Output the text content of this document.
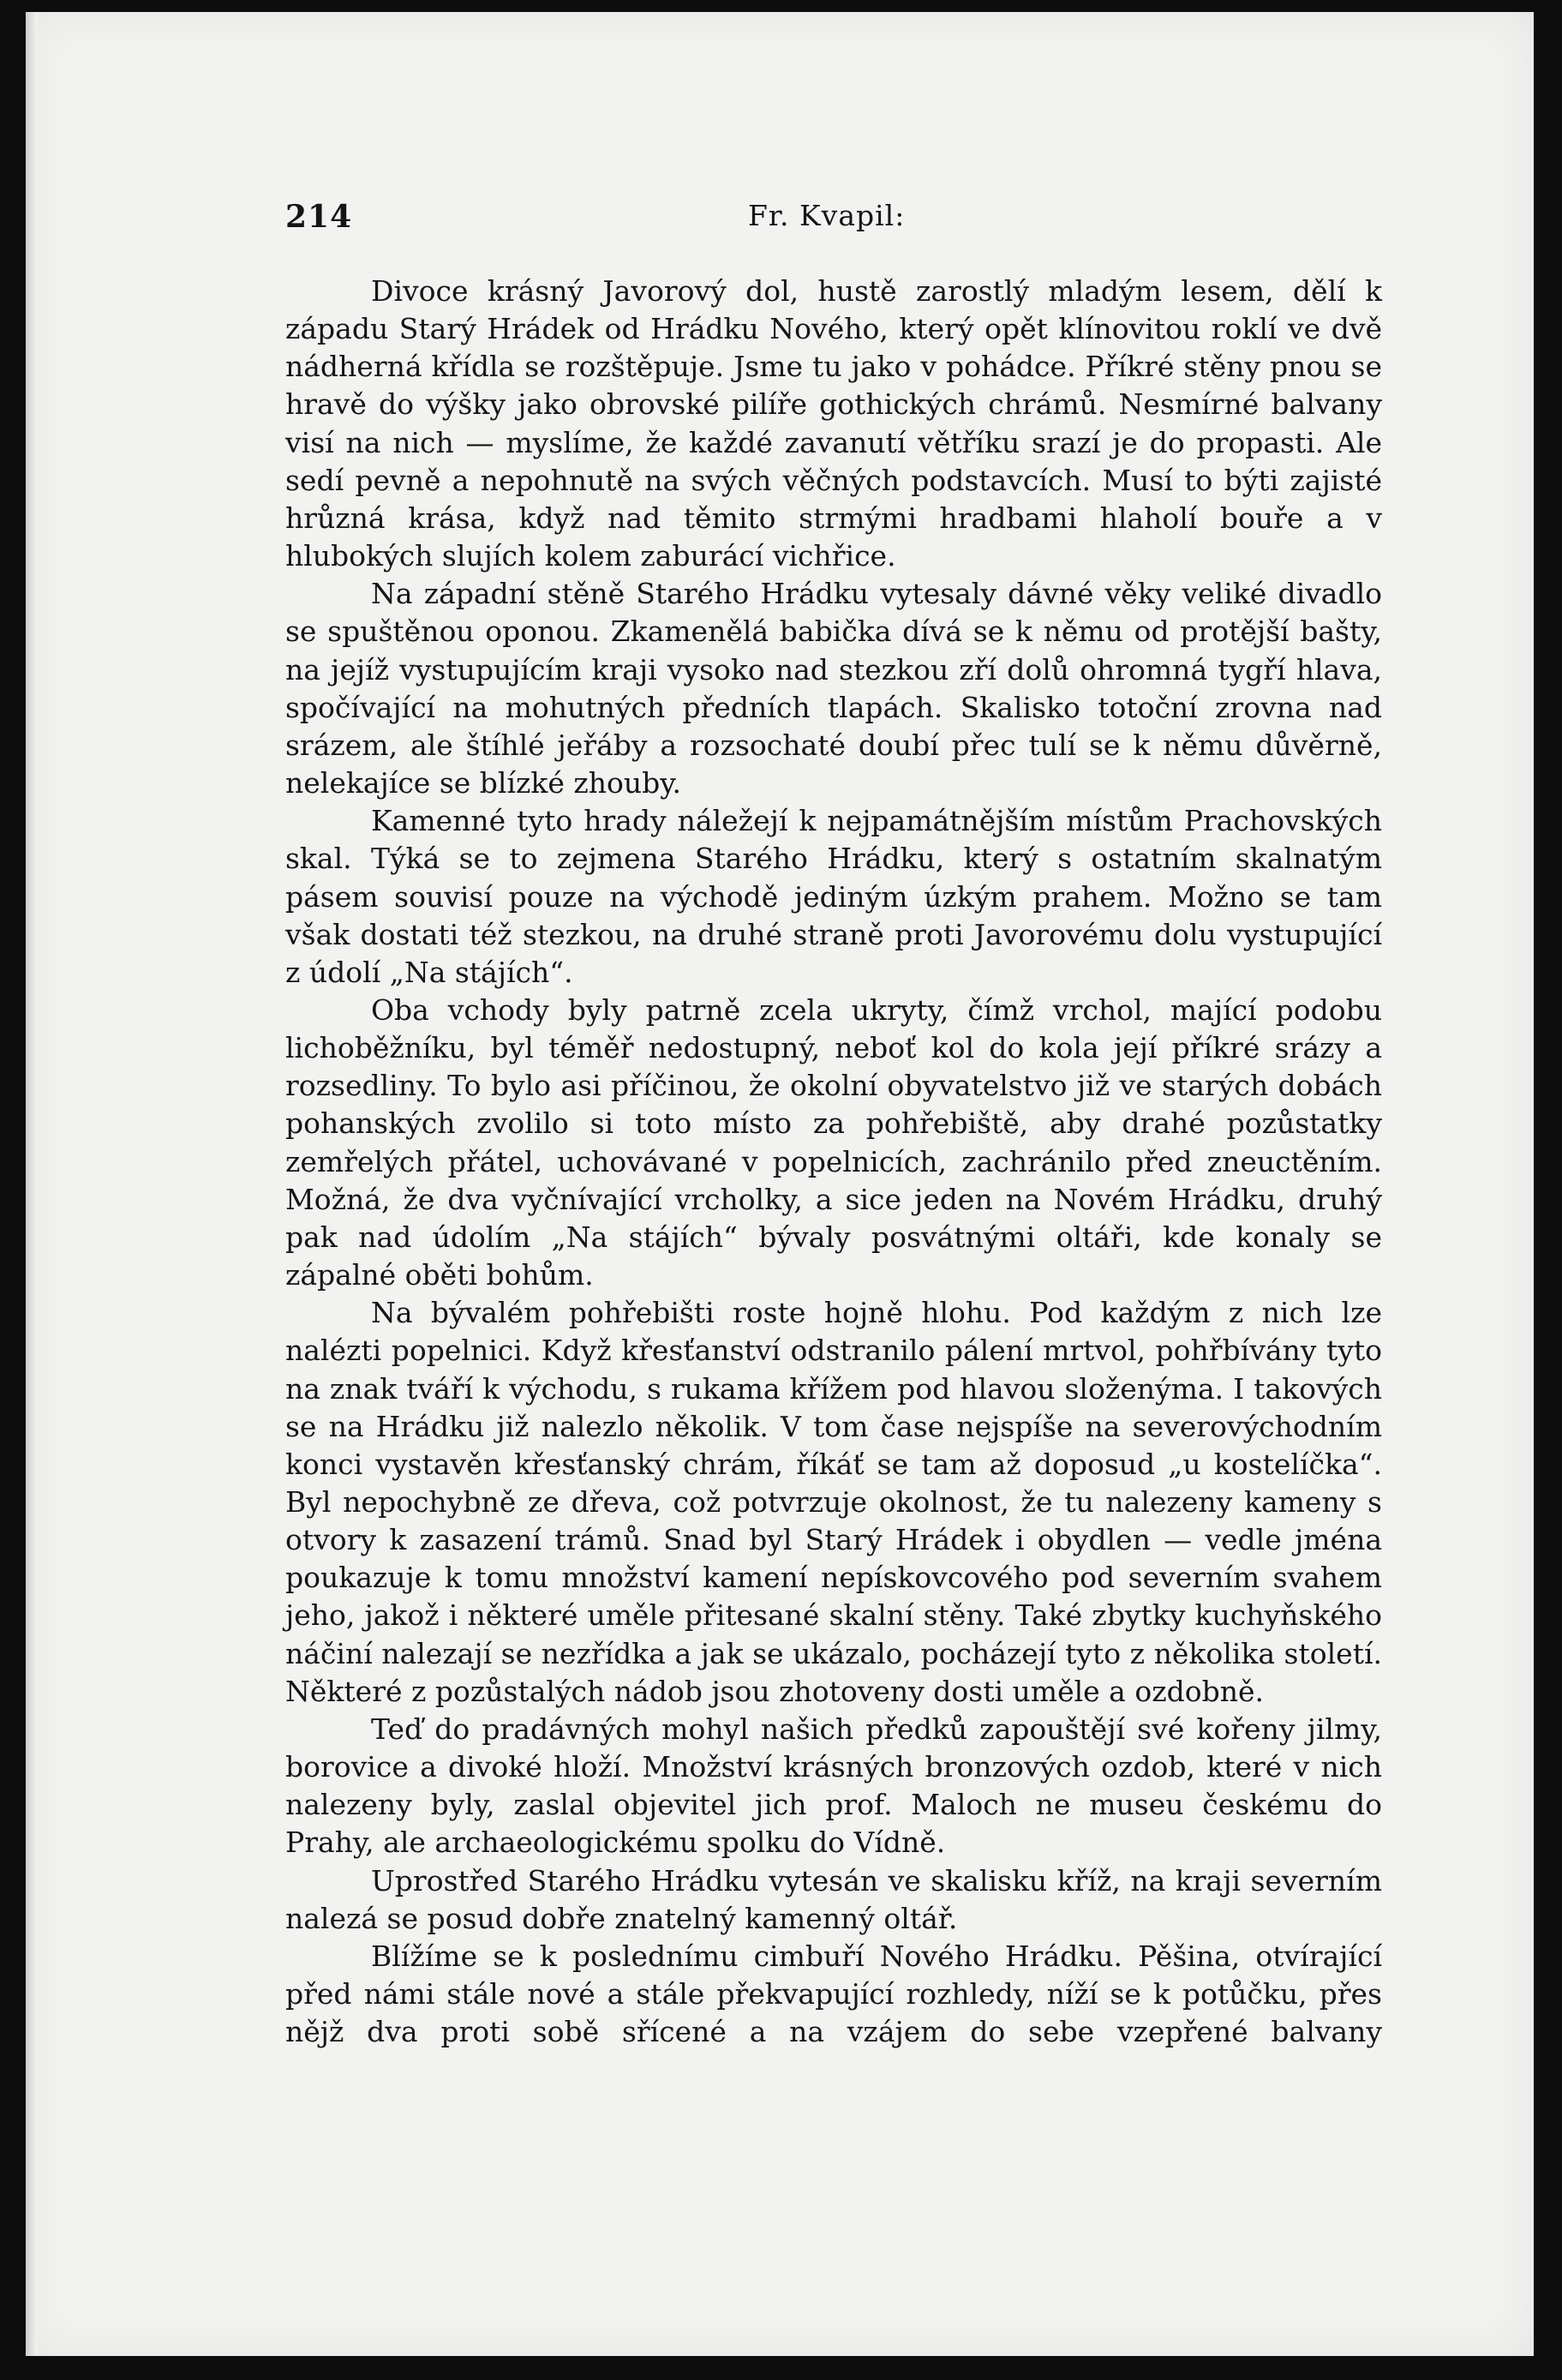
214	Fr. Kvapil:

Divoce krásný Javorový dol, hustě zarostlý mladým lesem, dělí k západu Starý Hrádek od Hrádku Nového, který opět klínovitou roklí ve dvě nádherná křídla se rozštěpuje. Jsme tu jako v pohádce. Příkré stěny pnou se hravě do výšky jako obrovské pilíře gothických chrámů. Nesmírné balvany visí na nich — myslíme, že každé zavanutí větříku srazí je do propasti. Ale sedí pevně a nepohnutě na svých věčných podstavcích. Musí to býti zajisté hrůzná krása, když nad těmito strmými hradbami hlaholí bouře a v hlubokých slujích kolem zaburácí vichřice.

Na západní stěně Starého Hrádku vytesaly dávné věky veliké divadlo se spuštěnou oponou. Zkamenělá babička dívá se k němu od protější bašty, na jejíž vystupujícím kraji vysoko nad stezkou zří dolů ohromná tygří hlava, spočívající na mohutných předních tlapách. Skalisko totoční zrovna nad srázem, ale štíhlé jeřáby a rozsochaté doubí přec tulí se k němu důvěrně, nelekajíce se blízké zhouby.

Kamenné tyto hrady náležejí k nejpamátnějším místům Prachovských skal. Týká se to zejmena Starého Hrádku, který s ostatním skalnatým pásem souvisí pouze na východě jediným úzkým prahem. Možno se tam však dostati též stezkou, na druhé straně proti Javorovému dolu vystupující z údolí „Na stájích“.

Oba vchody byly patrně zcela ukryty, čímž vrchol, mající podobu lichoběžníku, byl téměř nedostupný, neboť kol do kola její příkré srázy a rozsedliny. To bylo asi příčinou, že okolní obyvatelstvo již ve starých dobách pohanských zvolilo si toto místo za pohřebiště, aby drahé pozůstatky zemřelých přátel, uchovávané v popelnicích, zachránilo před zneuctěním. Možná, že dva vyčnívající vrcholky, a sice jeden na Novém Hrádku, druhý pak nad údolím „Na stájích“ bývaly posvátnými oltáři, kde konaly se zápalné oběti bohům.

Na bývalém pohřebišti roste hojně hlohu. Pod každým z nich lze nalézti popelnici. Když křesťanství odstranilo pálení mrtvol, pohřbívány tyto na znak tváří k východu, s rukama křížem pod hlavou složenýma. I takových se na Hrádku již nalezlo několik. V tom čase nejspíše na severovýchodním konci vystavěn křesťanský chrám, říkáť se tam až doposud „u kostelíčka“. Byl nepochybně ze dřeva, což potvrzuje okolnost, že tu nalezeny kameny s otvory k zasazení trámů. Snad byl Starý Hrádek i obydlen — vedle jména poukazuje k tomu množství kamení nepískovcového pod severním svahem jeho, jakož i některé uměle přitesané skalní stěny. Také zbytky kuchyňského náčiní nalezají se nezřídka a jak se ukázalo, pocházejí tyto z několika století. Některé z pozůstalých nádob jsou zhotoveny dosti uměle a ozdobně.

Teď do pradávných mohyl našich předků zapouštějí své kořeny jilmy, borovice a divoké hloží. Množství krásných bronzových ozdob, které v nich nalezeny byly, zaslal objevitel jich prof. Maloch ne museu českému do Prahy, ale archaeologickému spolku do Vídně.

Uprostřed Starého Hrádku vytesán ve skalisku kříž, na kraji severním nalezá se posud dobře znatelný kamenný oltář.

Blížíme se k poslednímu cimbuří Nového Hrádku. Pěšina, otvírající před námi stále nové a stále překvapující rozhledy, níží se k potůčku, přes nějž dva proti sobě sřícené a na vzájem do sebe vzepřené balvany
